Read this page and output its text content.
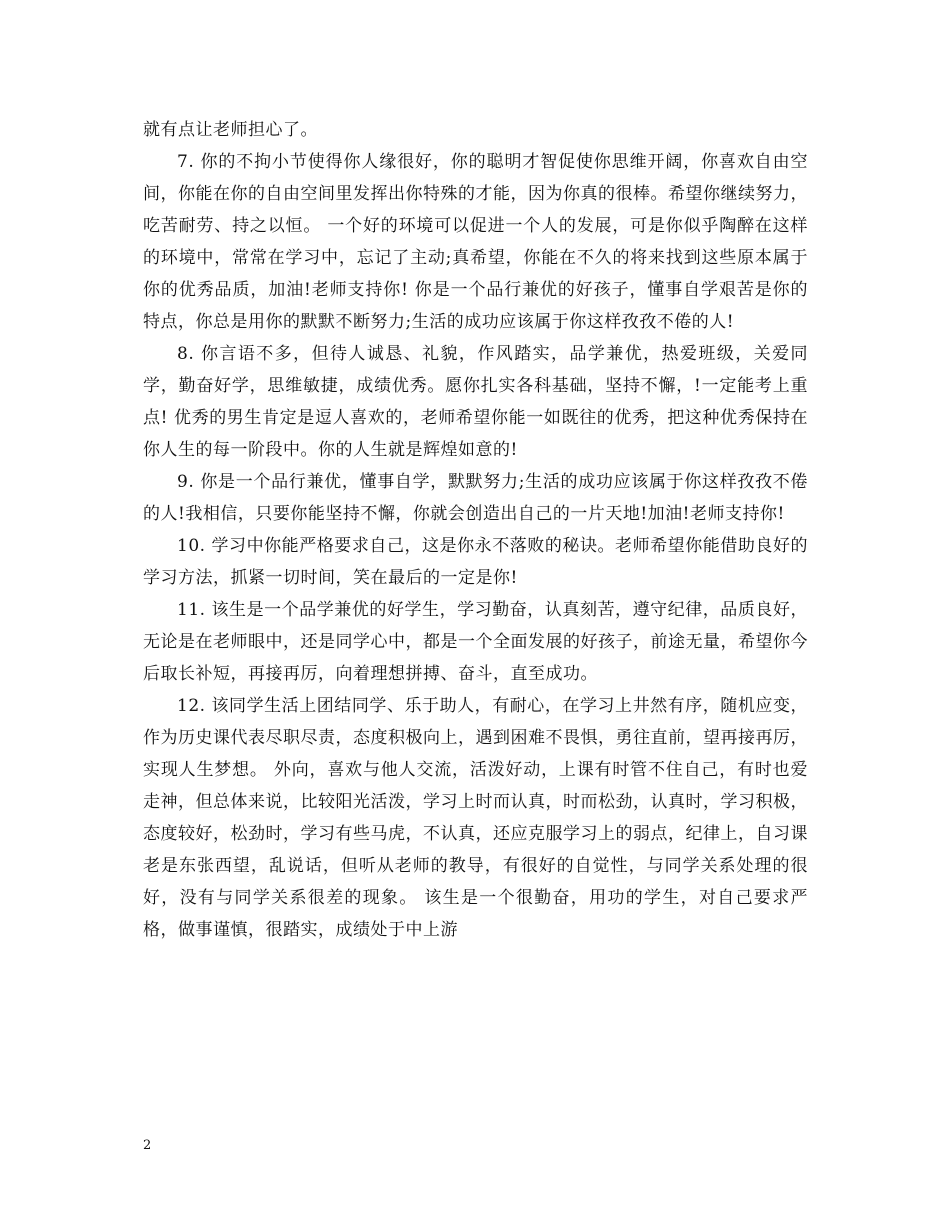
就有点让老师担心了。

7. 你的不拘小节使得你人缘很好，你的聪明才智促使你思维开阔，你喜欢自由空间，你能在你的自由空间里发挥出你特殊的才能，因为你真的很棒。希望你继续努力，吃苦耐劳、持之以恒。 一个好的环境可以促进一个人的发展，可是你似乎陶醉在这样的环境中，常常在学习中，忘记了主动;真希望，你能在不久的将来找到这些原本属于你的优秀品质，加油!老师支持你! 你是一个品行兼优的好孩子，懂事自学艰苦是你的特点，你总是用你的默默不断努力;生活的成功应该属于你这样孜孜不倦的人!

8. 你言语不多，但待人诚恳、礼貌，作风踏实，品学兼优，热爱班级，关爱同学，勤奋好学，思维敏捷，成绩优秀。愿你扎实各科基础，坚持不懈，!一定能考上重点! 优秀的男生肯定是逗人喜欢的，老师希望你能一如既往的优秀，把这种优秀保持在你人生的每一阶段中。你的人生就是辉煌如意的!

9. 你是一个品行兼优，懂事自学，默默努力;生活的成功应该属于你这样孜孜不倦的人!我相信，只要你能坚持不懈，你就会创造出自己的一片天地!加油!老师支持你!

10. 学习中你能严格要求自己，这是你永不落败的秘诀。老师希望你能借助良好的学习方法，抓紧一切时间，笑在最后的一定是你!

11. 该生是一个品学兼优的好学生，学习勤奋，认真刻苦，遵守纪律，品质良好，无论是在老师眼中，还是同学心中，都是一个全面发展的好孩子，前途无量，希望你今后取长补短，再接再厉，向着理想拼搏、奋斗，直至成功。

12. 该同学生活上团结同学、乐于助人，有耐心，在学习上井然有序，随机应变，作为历史课代表尽职尽责，态度积极向上，遇到困难不畏惧，勇往直前，望再接再厉，实现人生梦想。 外向，喜欢与他人交流，活泼好动，上课有时管不住自己，有时也爱走神，但总体来说，比较阳光活泼，学习上时而认真，时而松劲，认真时，学习积极，态度较好，松劲时，学习有些马虎，不认真，还应克服学习上的弱点，纪律上，自习课老是东张西望，乱说话，但听从老师的教导，有很好的自觉性，与同学关系处理的很好，没有与同学关系很差的现象。 该生是一个很勤奋，用功的学生，对自己要求严格，做事谨慎，很踏实，成绩处于中上游

2
